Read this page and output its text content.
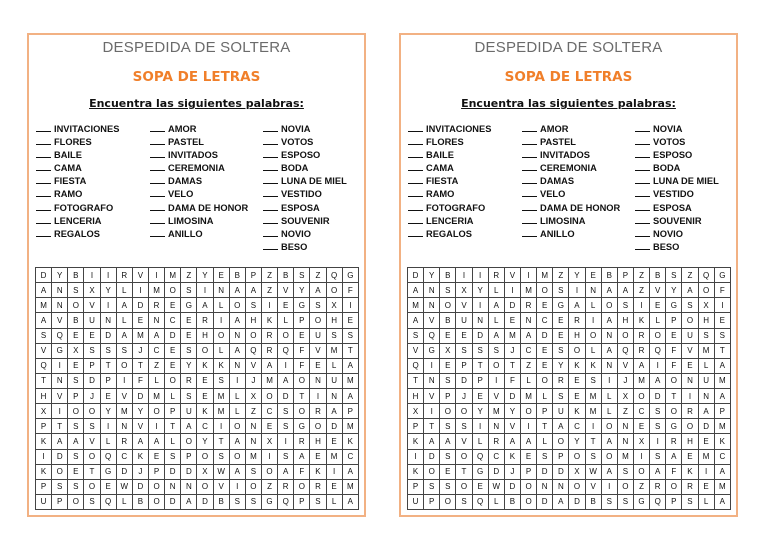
DESPEDIDA DE SOLTERA
SOPA DE LETRAS
Encuentra las siguientes palabras:
INVITACIONES
FLORES
BAILE
CAMA
FIESTA
RAMO
FOTOGRAFO
LENCERIA
REGALOS
AMOR
PASTEL
INVITADOS
CEREMONIA
DAMAS
VELO
DAMA DE HONOR
LIMOSINA
ANILLO
NOVIA
VOTOS
ESPOSO
BODA
LUNA DE MIEL
VESTIDO
ESPOSA
SOUVENIR
NOVIO
BESO
D	Y	B	I	I	R	V	I	M	Z	Y	E	B	P	Z	B	S	Z	Q	G
A	N	S	X	Y	L	I	M	O	S	I	N	A	A	Z	V	Y	A	O	F
M	N	O	V	I	A	D	R	E	G	A	L	O	S	I	E	G	S	X	I
A	V	B	U	N	L	E	N	C	E	R	I	A	H	K	L	P	O	H	E
S	Q	E	E	D	A	M	A	D	E	H	O	N	O	R	O	E	U	S	S
V	G	X	S	S	S	J	C	E	S	O	L	A	Q	R	Q	F	V	M	T
Q	I	E	P	T	O	T	Z	E	Y	K	K	N	V	A	I	F	E	L	A
T	N	S	D	P	I	F	L	O	R	E	S	I	J	M	A	O	N	U	M
H	V	P	J	E	V	D	M	L	S	E	M	L	X	O	D	T	I	N	A
X	I	O	O	Y	M	Y	O	P	U	K	M	L	Z	C	S	O	R	A	P
P	T	S	S	I	N	V	I	T	A	C	I	O	N	E	S	G	O	D	M
K	A	A	V	L	R	A	A	L	O	Y	T	A	N	X	I	R	H	E	K
I	D	S	O	Q	C	K	E	S	P	O	S	O	M	I	S	A	E	M	C
K	O	E	T	G	D	J	P	D	D	X	W	A	S	O	A	F	K	I	A
P	S	S	O	E	W	D	O	N	N	O	V	I	O	Z	R	O	R	E	M
U	P	O	S	Q	L	B	O	D	A	D	B	S	S	G	Q	P	S	L	A
DESPEDIDA DE SOLTERA
SOPA DE LETRAS
Encuentra las siguientes palabras:
INVITACIONES
FLORES
BAILE
CAMA
FIESTA
RAMO
FOTOGRAFO
LENCERIA
REGALOS
AMOR
PASTEL
INVITADOS
CEREMONIA
DAMAS
VELO
DAMA DE HONOR
LIMOSINA
ANILLO
NOVIA
VOTOS
ESPOSO
BODA
LUNA DE MIEL
VESTIDO
ESPOSA
SOUVENIR
NOVIO
BESO
D	Y	B	I	I	R	V	I	M	Z	Y	E	B	P	Z	B	S	Z	Q	G
A	N	S	X	Y	L	I	M	O	S	I	N	A	A	Z	V	Y	A	O	F
M	N	O	V	I	A	D	R	E	G	A	L	O	S	I	E	G	S	X	I
A	V	B	U	N	L	E	N	C	E	R	I	A	H	K	L	P	O	H	E
S	Q	E	E	D	A	M	A	D	E	H	O	N	O	R	O	E	U	S	S
V	G	X	S	S	S	J	C	E	S	O	L	A	Q	R	Q	F	V	M	T
Q	I	E	P	T	O	T	Z	E	Y	K	K	N	V	A	I	F	E	L	A
T	N	S	D	P	I	F	L	O	R	E	S	I	J	M	A	O	N	U	M
H	V	P	J	E	V	D	M	L	S	E	M	L	X	O	D	T	I	N	A
X	I	O	O	Y	M	Y	O	P	U	K	M	L	Z	C	S	O	R	A	P
P	T	S	S	I	N	V	I	T	A	C	I	O	N	E	S	G	O	D	M
K	A	A	V	L	R	A	A	L	O	Y	T	A	N	X	I	R	H	E	K
I	D	S	O	Q	C	K	E	S	P	O	S	O	M	I	S	A	E	M	C
K	O	E	T	G	D	J	P	D	D	X	W	A	S	O	A	F	K	I	A
P	S	S	O	E	W	D	O	N	N	O	V	I	O	Z	R	O	R	E	M
U	P	O	S	Q	L	B	O	D	A	D	B	S	S	G	Q	P	S	L	A
